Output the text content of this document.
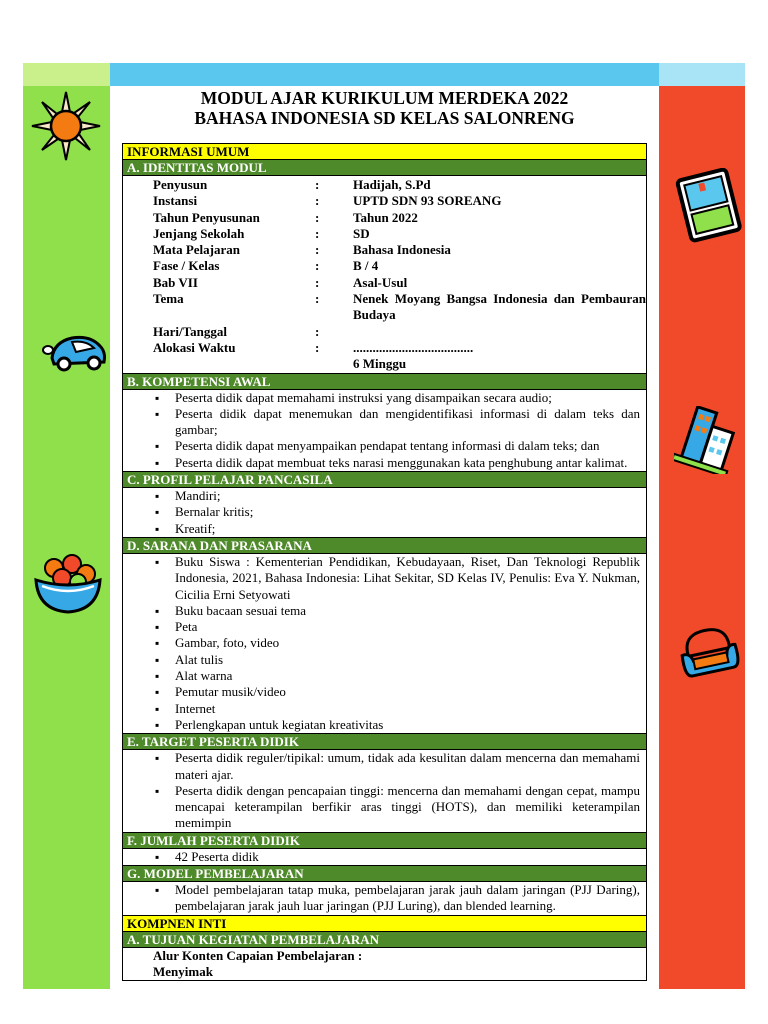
MODUL AJAR KURIKULUM MERDEKA 2022
BAHASA INDONESIA SD KELAS SALONRENG
INFORMASI UMUM
A. IDENTITAS MODUL
Penyusun	:	Hadijah, S.Pd
Instansi	:	UPTD SDN 93 SOREANG
Tahun Penyusunan	:	Tahun 2022
Jenjang Sekolah	:	SD
Mata Pelajaran	:	Bahasa Indonesia
Fase / Kelas	:	B / 4
Bab VII	:	Asal-Usul
Tema	:	Nenek Moyang Bangsa Indonesia dan Pembauran Budaya
Hari/Tanggal	:
Alokasi Waktu	:	.....................................
6 Minggu
B. KOMPETENSI AWAL
▪ Peserta didik dapat memahami instruksi yang disampaikan secara audio;
▪ Peserta didik dapat menemukan dan mengidentifikasi informasi di dalam teks dan gambar;
▪ Peserta didik dapat menyampaikan pendapat tentang informasi di dalam teks; dan
▪ Peserta didik dapat membuat teks narasi menggunakan kata penghubung antar kalimat.
C. PROFIL PELAJAR PANCASILA
▪ Mandiri;
▪ Bernalar kritis;
▪ Kreatif;
D. SARANA DAN PRASARANA
▪ Buku Siswa : Kementerian Pendidikan, Kebudayaan, Riset, Dan Teknologi Republik Indonesia, 2021, Bahasa Indonesia: Lihat Sekitar, SD Kelas IV, Penulis: Eva Y. Nukman, Cicilia Erni Setyowati
▪ Buku bacaan sesuai tema
▪ Peta
▪ Gambar, foto, video
▪ Alat tulis
▪ Alat warna
▪ Pemutar musik/video
▪ Internet
▪ Perlengkapan untuk kegiatan kreativitas
E. TARGET PESERTA DIDIK
▪ Peserta didik reguler/tipikal: umum, tidak ada kesulitan dalam mencerna dan memahami materi ajar.
▪ Peserta didik dengan pencapaian tinggi: mencerna dan memahami dengan cepat, mampu mencapai keterampilan berfikir aras tinggi (HOTS), dan memiliki keterampilan memimpin
F. JUMLAH PESERTA DIDIK
▪ 42 Peserta didik
G. MODEL PEMBELAJARAN
▪ Model pembelajaran tatap muka, pembelajaran jarak jauh dalam jaringan (PJJ Daring), pembelajaran jarak jauh luar jaringan (PJJ Luring), dan blended learning.
KOMPNEN INTI
A. TUJUAN KEGIATAN PEMBELAJARAN
Alur Konten Capaian Pembelajaran :
Menyimak
